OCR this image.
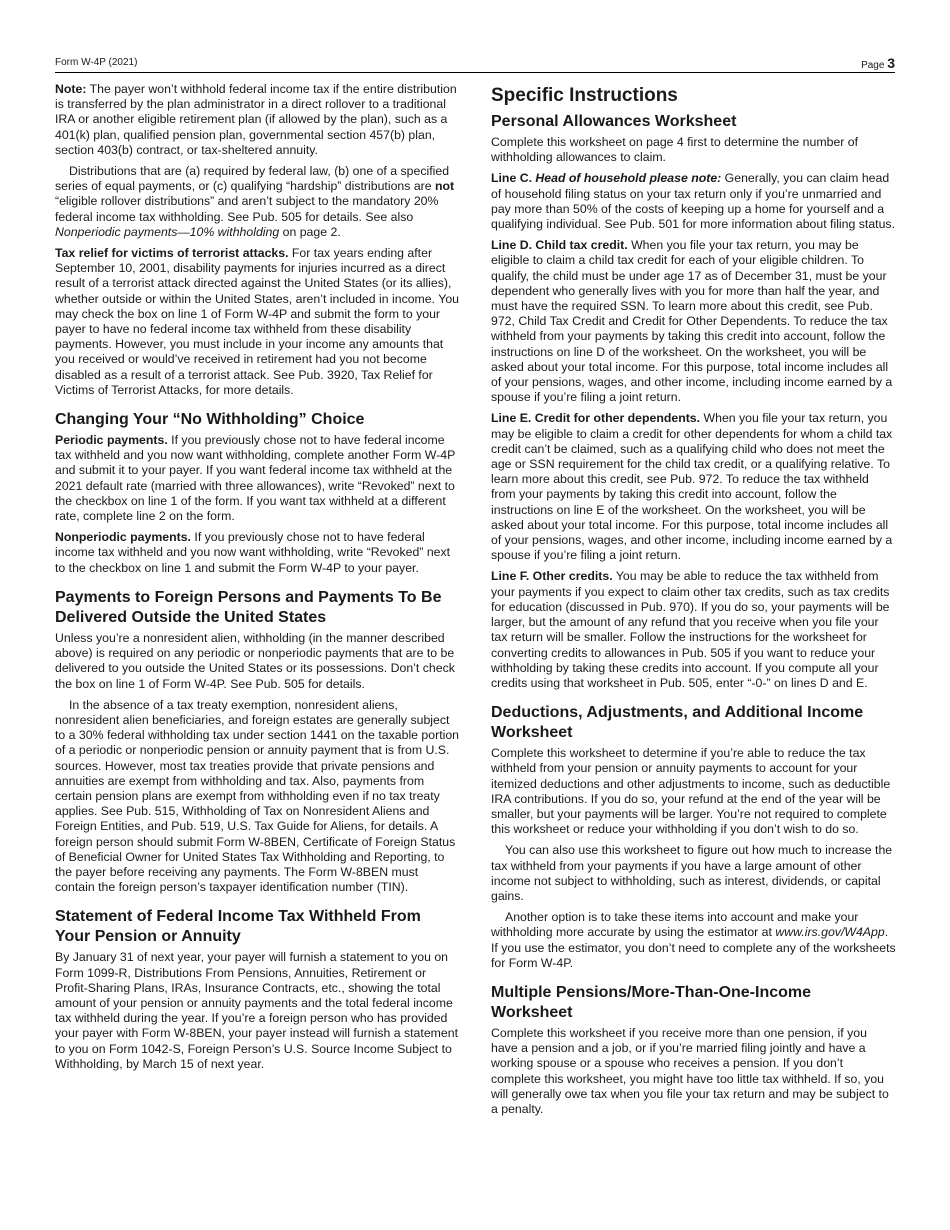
Form W-4P (2021)	Page 3

Note: The payer won’t withhold federal income tax if the entire distribution is transferred by the plan administrator in a direct rollover to a traditional IRA or another eligible retirement plan (if allowed by the plan), such as a 401(k) plan, qualified pension plan, governmental section 457(b) plan, section 403(b) contract, or tax-sheltered annuity.

Distributions that are (a) required by federal law, (b) one of a specified series of equal payments, or (c) qualifying “hardship” distributions are not “eligible rollover distributions” and aren’t subject to the mandatory 20% federal income tax withholding. See Pub. 505 for details. See also Nonperiodic payments—10% withholding on page 2.

Tax relief for victims of terrorist attacks. For tax years ending after September 10, 2001, disability payments for injuries incurred as a direct result of a terrorist attack directed against the United States (or its allies), whether outside or within the United States, aren’t included in income. You may check the box on line 1 of Form W-4P and submit the form to your payer to have no federal income tax withheld from these disability payments. However, you must include in your income any amounts that you received or would’ve received in retirement had you not become disabled as a result of a terrorist attack. See Pub. 3920, Tax Relief for Victims of Terrorist Attacks, for more details.

Changing Your “No Withholding” Choice

Periodic payments. If you previously chose not to have federal income tax withheld and you now want withholding, complete another Form W-4P and submit it to your payer. If you want federal income tax withheld at the 2021 default rate (married with three allowances), write “Revoked” next to the checkbox on line 1 of the form. If you want tax withheld at a different rate, complete line 2 on the form.

Nonperiodic payments. If you previously chose not to have federal income tax withheld and you now want withholding, write “Revoked” next to the checkbox on line 1 and submit the Form W-4P to your payer.

Payments to Foreign Persons and Payments To Be Delivered Outside the United States

Unless you’re a nonresident alien, withholding (in the manner described above) is required on any periodic or nonperiodic payments that are to be delivered to you outside the United States or its possessions. Don’t check the box on line 1 of Form W-4P. See Pub. 505 for details.

In the absence of a tax treaty exemption, nonresident aliens, nonresident alien beneficiaries, and foreign estates are generally subject to a 30% federal withholding tax under section 1441 on the taxable portion of a periodic or nonperiodic pension or annuity payment that is from U.S. sources. However, most tax treaties provide that private pensions and annuities are exempt from withholding and tax. Also, payments from certain pension plans are exempt from withholding even if no tax treaty applies. See Pub. 515, Withholding of Tax on Nonresident Aliens and Foreign Entities, and Pub. 519, U.S. Tax Guide for Aliens, for details. A foreign person should submit Form W-8BEN, Certificate of Foreign Status of Beneficial Owner for United States Tax Withholding and Reporting, to the payer before receiving any payments. The Form W-8BEN must contain the foreign person’s taxpayer identification number (TIN).

Statement of Federal Income Tax Withheld From Your Pension or Annuity

By January 31 of next year, your payer will furnish a statement to you on Form 1099-R, Distributions From Pensions, Annuities, Retirement or Profit-Sharing Plans, IRAs, Insurance Contracts, etc., showing the total amount of your pension or annuity payments and the total federal income tax withheld during the year. If you’re a foreign person who has provided your payer with Form W-8BEN, your payer instead will furnish a statement to you on Form 1042-S, Foreign Person’s U.S. Source Income Subject to Withholding, by March 15 of next year.

Specific Instructions
Personal Allowances Worksheet

Complete this worksheet on page 4 first to determine the number of withholding allowances to claim.

Line C. Head of household please note: Generally, you can claim head of household filing status on your tax return only if you’re unmarried and pay more than 50% of the costs of keeping up a home for yourself and a qualifying individual. See Pub. 501 for more information about filing status.

Line D. Child tax credit. When you file your tax return, you may be eligible to claim a child tax credit for each of your eligible children. To qualify, the child must be under age 17 as of December 31, must be your dependent who generally lives with you for more than half the year, and must have the required SSN. To learn more about this credit, see Pub. 972, Child Tax Credit and Credit for Other Dependents. To reduce the tax withheld from your payments by taking this credit into account, follow the instructions on line D of the worksheet. On the worksheet, you will be asked about your total income. For this purpose, total income includes all of your pensions, wages, and other income, including income earned by a spouse if you’re filing a joint return.

Line E. Credit for other dependents. When you file your tax return, you may be eligible to claim a credit for other dependents for whom a child tax credit can’t be claimed, such as a qualifying child who does not meet the age or SSN requirement for the child tax credit, or a qualifying relative. To learn more about this credit, see Pub. 972. To reduce the tax withheld from your payments by taking this credit into account, follow the instructions on line E of the worksheet. On the worksheet, you will be asked about your total income. For this purpose, total income includes all of your pensions, wages, and other income, including income earned by a spouse if you’re filing a joint return.

Line F. Other credits. You may be able to reduce the tax withheld from your payments if you expect to claim other tax credits, such as tax credits for education (discussed in Pub. 970). If you do so, your payments will be larger, but the amount of any refund that you receive when you file your tax return will be smaller. Follow the instructions for the worksheet for converting credits to allowances in Pub. 505 if you want to reduce your withholding by taking these credits into account. If you compute all your credits using that worksheet in Pub. 505, enter “-0-” on lines D and E.

Deductions, Adjustments, and Additional Income Worksheet

Complete this worksheet to determine if you’re able to reduce the tax withheld from your pension or annuity payments to account for your itemized deductions and other adjustments to income, such as deductible IRA contributions. If you do so, your refund at the end of the year will be smaller, but your payments will be larger. You’re not required to complete this worksheet or reduce your withholding if you don’t wish to do so.

You can also use this worksheet to figure out how much to increase the tax withheld from your payments if you have a large amount of other income not subject to withholding, such as interest, dividends, or capital gains.

Another option is to take these items into account and make your withholding more accurate by using the estimator at www.irs.gov/W4App. If you use the estimator, you don’t need to complete any of the worksheets for Form W-4P.

Multiple Pensions/More-Than-One-Income Worksheet

Complete this worksheet if you receive more than one pension, if you have a pension and a job, or if you’re married filing jointly and have a working spouse or a spouse who receives a pension. If you don’t complete this worksheet, you might have too little tax withheld. If so, you will generally owe tax when you file your tax return and may be subject to a penalty.
